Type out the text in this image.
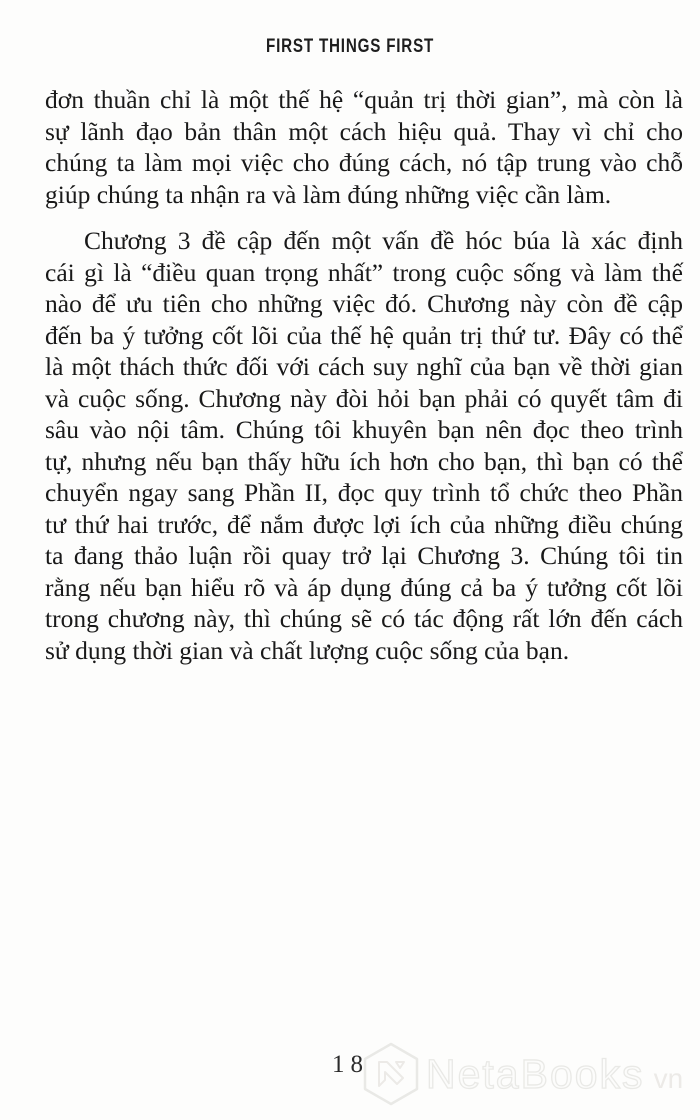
FIRST THINGS FIRST
đơn thuần chỉ là một thế hệ “quản trị thời gian”, mà còn là
sự lãnh đạo bản thân một cách hiệu quả. Thay vì chỉ cho
chúng ta làm mọi việc cho đúng cách, nó tập trung vào chỗ
giúp chúng ta nhận ra và làm đúng những việc cần làm.
Chương 3 đề cập đến một vấn đề hóc búa là xác định
cái gì là “điều quan trọng nhất” trong cuộc sống và làm thế
nào để ưu tiên cho những việc đó. Chương này còn đề cập
đến ba ý tưởng cốt lõi của thế hệ quản trị thứ tư. Đây có thể
là một thách thức đối với cách suy nghĩ của bạn về thời gian
và cuộc sống. Chương này đòi hỏi bạn phải có quyết tâm đi
sâu vào nội tâm. Chúng tôi khuyên bạn nên đọc theo trình
tự, nhưng nếu bạn thấy hữu ích hơn cho bạn, thì bạn có thể
chuyển ngay sang Phần II, đọc quy trình tổ chức theo Phần
tư thứ hai trước, để nắm được lợi ích của những điều chúng
ta đang thảo luận rồi quay trở lại Chương 3. Chúng tôi tin
rằng nếu bạn hiểu rõ và áp dụng đúng cả ba ý tưởng cốt lõi
trong chương này, thì chúng sẽ có tác động rất lớn đến cách
sử dụng thời gian và chất lượng cuộc sống của bạn.
18 NetaBooks vn
